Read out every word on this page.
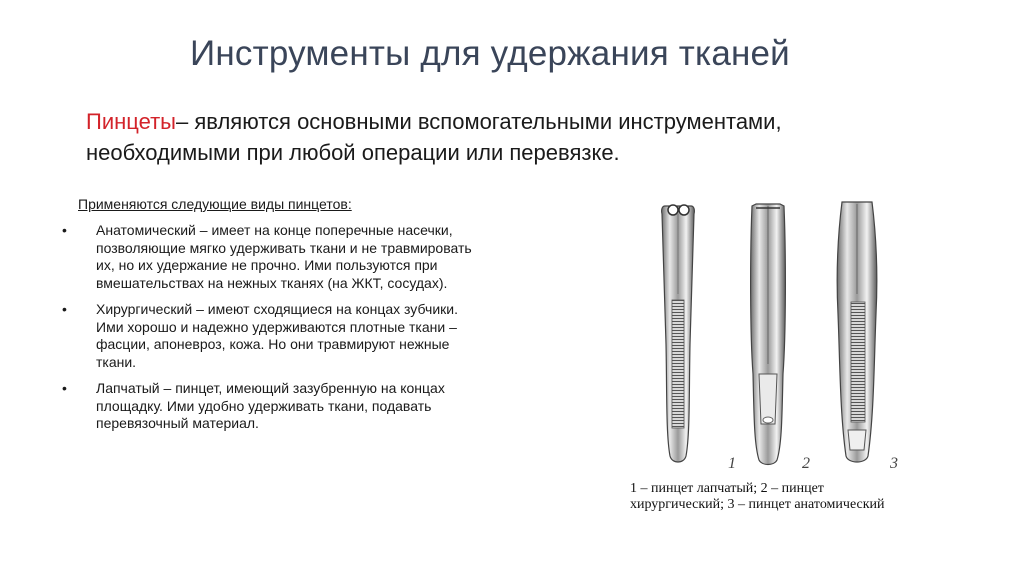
Инструменты для удержания тканей
Пинцеты– являются основными вспомогательными инструментами, необходимыми при любой операции или перевязке.
Применяются следующие виды пинцетов:
• Анатомический – имеет на конце поперечные насечки, позволяющие мягко удерживать ткани и не травмировать их, но их удержание не прочно. Ими пользуются при вмешательствах на нежных тканях (на ЖКТ, сосудах).
• Хирургический – имеют сходящиеся на концах зубчики. Ими хорошо и надежно удерживаются плотные ткани – фасции, апоневроз, кожа. Но они травмируют нежные ткани.
• Лапчатый – пинцет, имеющий зазубренную на концах площадку. Ими удобно удерживать ткани, подавать перевязочный материал.
1	2	3
1 – пинцет лапчатый; 2 – пинцет хирургический; 3 – пинцет анатомический
